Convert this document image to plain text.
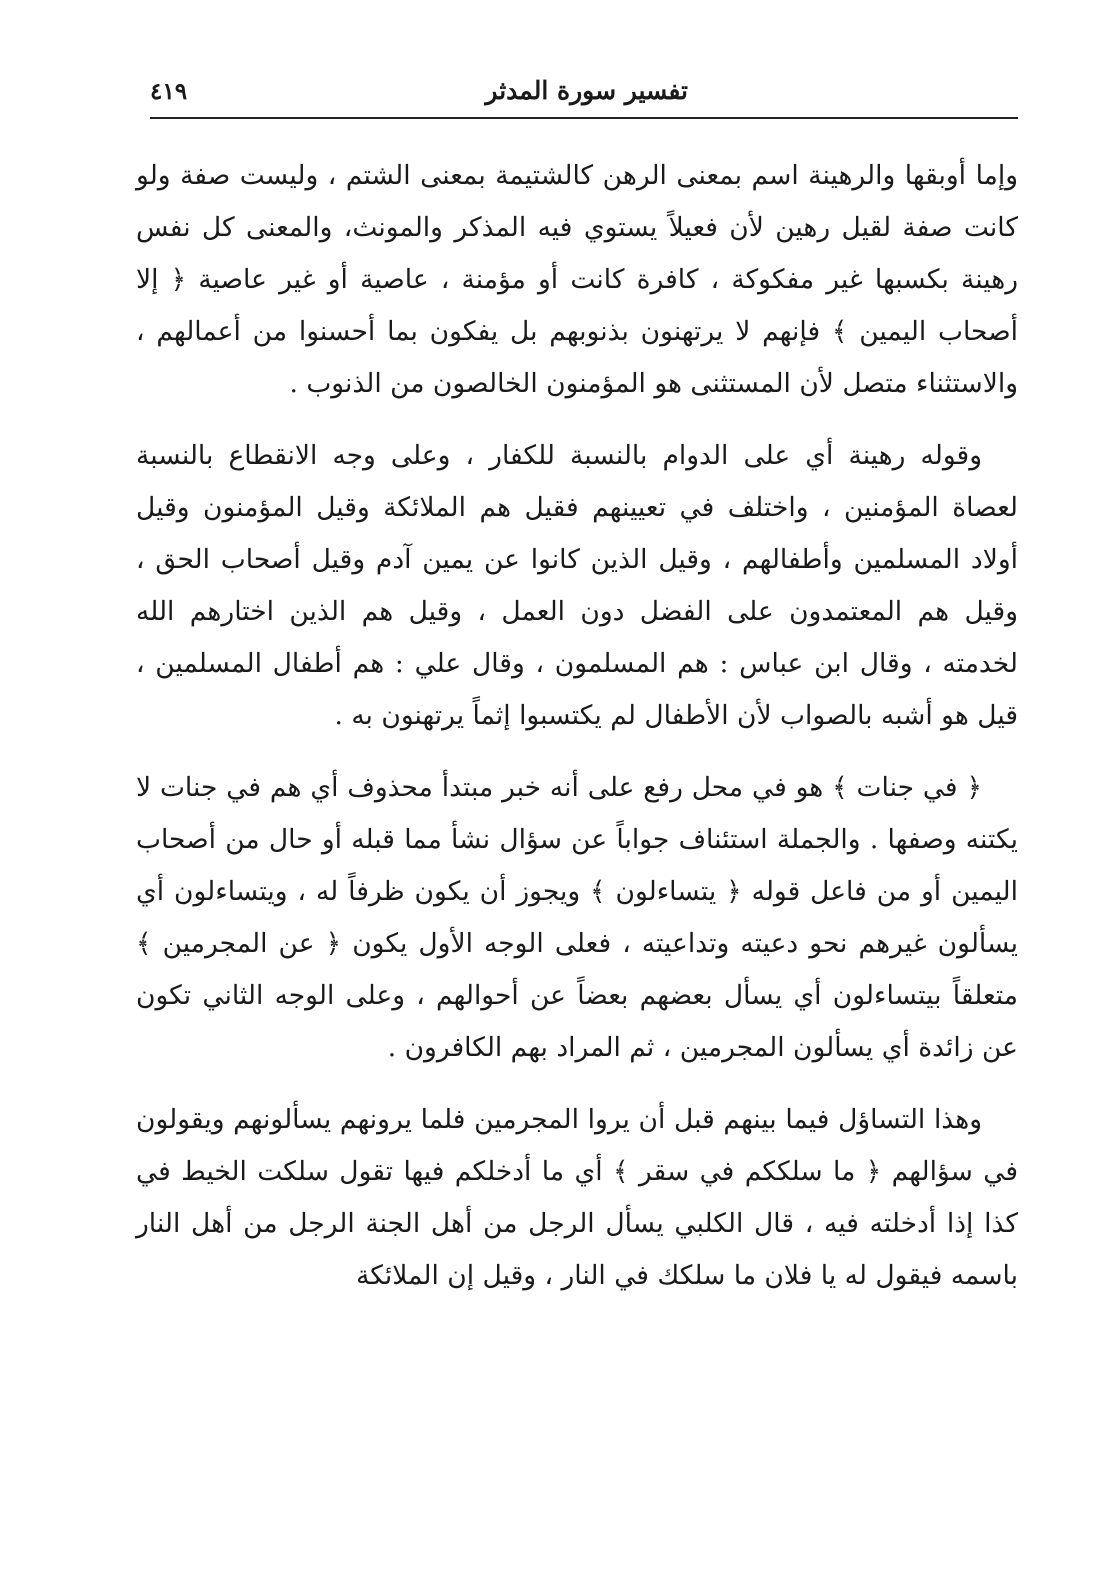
تفسير سورة المدثر
٤١٩

وإما أوبقها والرهينة اسم بمعنى الرهن كالشتيمة بمعنى الشتم ، وليست صفة ولو كانت صفة لقيل رهين لأن فعيلاً يستوي فيه المذكر والمونث، والمعنى كل نفس رهينة بكسبها غير مفكوكة ، كافرة كانت أو مؤمنة ، عاصية أو غير عاصية ﴿ إلا أصحاب اليمين ﴾ فإنهم لا يرتهنون بذنوبهم بل يفكون بما أحسنوا من أعمالهم ، والاستثناء متصل لأن المستثنى هو المؤمنون الخالصون من الذنوب .

وقوله رهينة أي على الدوام بالنسبة للكفار ، وعلى وجه الانقطاع بالنسبة لعصاة المؤمنين ، واختلف في تعيينهم فقيل هم الملائكة وقيل المؤمنون وقيل أولاد المسلمين وأطفالهم ، وقيل الذين كانوا عن يمين آدم وقيل أصحاب الحق ، وقيل هم المعتمدون على الفضل دون العمل ، وقيل هم الذين اختارهم الله لخدمته ، وقال ابن عباس : هم المسلمون ، وقال علي : هم أطفال المسلمين ، قيل هو أشبه بالصواب لأن الأطفال لم يكتسبوا إثماً يرتهنون به .

﴿ في جنات ﴾ هو في محل رفع على أنه خبر مبتدأ محذوف أي هم في جنات لا يكتنه وصفها . والجملة استئناف جواباً عن سؤال نشأ مما قبله أو حال من أصحاب اليمين أو من فاعل قوله ﴿ يتساءلون ﴾ ويجوز أن يكون ظرفاً له ، ويتساءلون أي يسألون غيرهم نحو دعيته وتداعيته ، فعلى الوجه الأول يكون ﴿ عن المجرمين ﴾ متعلقاً بيتساءلون أي يسأل بعضهم بعضاً عن أحوالهم ، وعلى الوجه الثاني تكون عن زائدة أي يسألون المجرمين ، ثم المراد بهم الكافرون .

وهذا التساؤل فيما بينهم قبل أن يروا المجرمين فلما يرونهم يسألونهم ويقولون في سؤالهم ﴿ ما سلككم في سقر ﴾ أي ما أدخلكم فيها تقول سلكت الخيط في كذا إذا أدخلته فيه ، قال الكلبي يسأل الرجل من أهل الجنة الرجل من أهل النار باسمه فيقول له يا فلان ما سلكك في النار ، وقيل إن الملائكة
